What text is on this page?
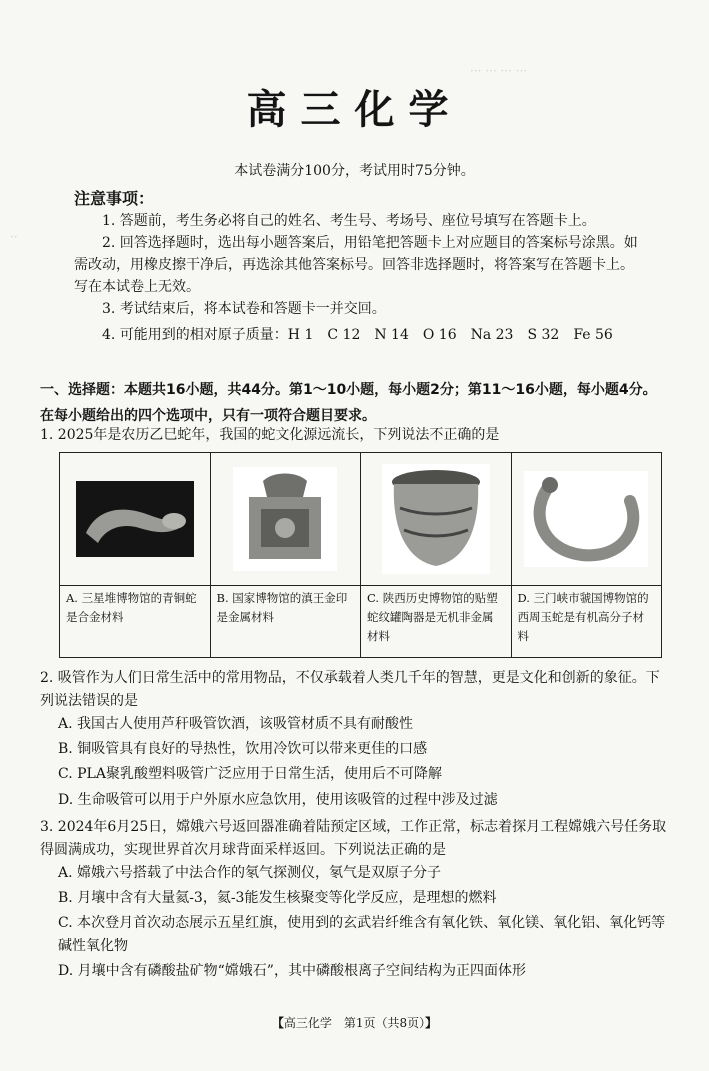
··· ··· ··· ···
··
高三化学
本试卷满分100分，考试用时75分钟。
注意事项：
1. 答题前，考生务必将自己的姓名、考生号、考场号、座位号填写在答题卡上。
2. 回答选择题时，选出每小题答案后，用铅笔把答题卡上对应题目的答案标号涂黑。如需改动，用橡皮擦干净后，再选涂其他答案标号。回答非选择题时，将答案写在答题卡上。写在本试卷上无效。
3. 考试结束后，将本试卷和答题卡一并交回。
4. 可能用到的相对原子质量：H 1　C 12　N 14　O 16　Na 23　S 32　Fe 56
一、选择题：本题共16小题，共44分。第1～10小题，每小题2分；第11～16小题，每小题4分。在每小题给出的四个选项中，只有一项符合题目要求。
1. 2025年是农历乙巳蛇年，我国的蛇文化源远流长，下列说法不正确的是

A. 三星堆博物馆的青铜蛇是合金材料	B. 国家博物馆的滇王金印是金属材料	C. 陕西历史博物馆的贴塑蛇纹罐陶器是无机非金属材料	D. 三门峡市虢国博物馆的西周玉蛇是有机高分子材料
2. 吸管作为人们日常生活中的常用物品，不仅承载着人类几千年的智慧，更是文化和创新的象征。下列说法错误的是
A. 我国古人使用芦秆吸管饮酒，该吸管材质不具有耐酸性
B. 铜吸管具有良好的导热性，饮用冷饮可以带来更佳的口感
C. PLA聚乳酸塑料吸管广泛应用于日常生活，使用后不可降解
D. 生命吸管可以用于户外原水应急饮用，使用该吸管的过程中涉及过滤
3. 2024年6月25日，嫦娥六号返回器准确着陆预定区域，工作正常，标志着探月工程嫦娥六号任务取得圆满成功，实现世界首次月球背面采样返回。下列说法正确的是
A. 嫦娥六号搭载了中法合作的氡气探测仪，氡气是双原子分子
B. 月壤中含有大量氦-3，氦-3能发生核聚变等化学反应，是理想的燃料
C. 本次登月首次动态展示五星红旗，使用到的玄武岩纤维含有氧化铁、氧化镁、氧化铝、氧化钙等碱性氧化物
D. 月壤中含有磷酸盐矿物“嫦娥石”，其中磷酸根离子空间结构为正四面体形
【高三化学　第1页（共8页）】
